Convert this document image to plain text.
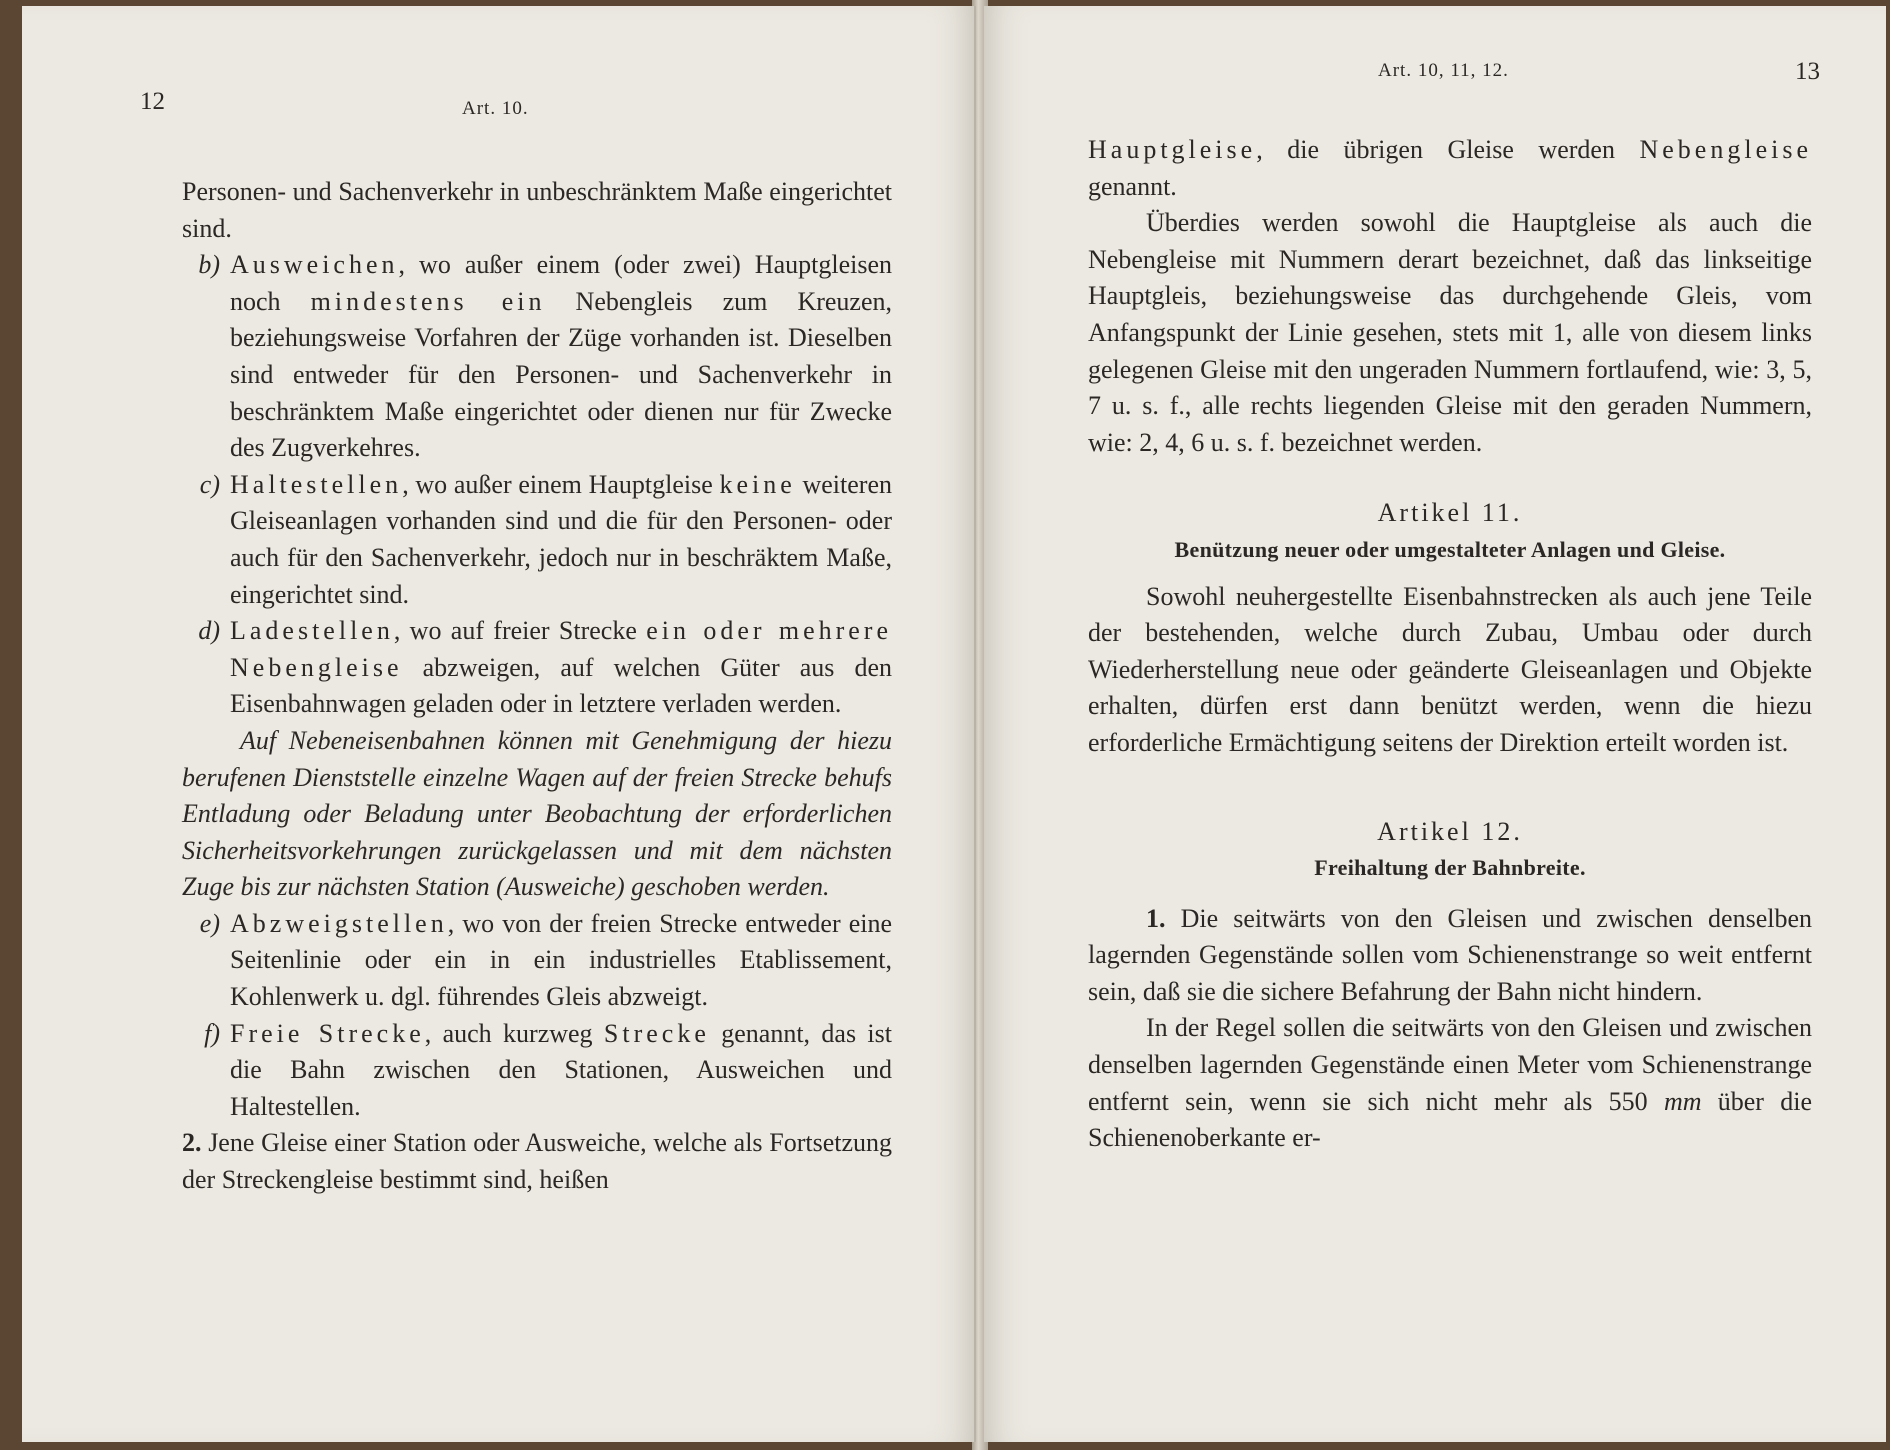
12	Art. 10.

Personen- und Sachenverkehr in unbeschränktem Maße eingerichtet sind.

b) Ausweichen, wo außer einem (oder zwei) Hauptgleisen noch mindestens ein Nebengleis zum Kreuzen, beziehungsweise Vorfahren der Züge vorhanden ist. Dieselben sind entweder für den Personen- und Sachenverkehr in beschränktem Maße eingerichtet oder dienen nur für Zwecke des Zugverkehres.

c) Haltestellen, wo außer einem Hauptgleise keine weiteren Gleiseanlagen vorhanden sind und die für den Personen- oder auch für den Sachenverkehr, jedoch nur in beschräktem Maße, eingerichtet sind.

d) Ladestellen, wo auf freier Strecke ein oder mehrere Nebengleise abzweigen, auf welchen Güter aus den Eisenbahnwagen geladen oder in letztere verladen werden.

Auf Nebeneisenbahnen können mit Genehmigung der hiezu berufenen Dienststelle einzelne Wagen auf der freien Strecke behufs Entladung oder Beladung unter Beobachtung der erforderlichen Sicherheitsvorkehrungen zurückgelassen und mit dem nächsten Zuge bis zur nächsten Station (Ausweiche) geschoben werden.

e) Abzweigstellen, wo von der freien Strecke entweder eine Seitenlinie oder ein in ein industrielles Etablissement, Kohlenwerk u. dgl. führendes Gleis abzweigt.

f) Freie Strecke, auch kurzweg Strecke genannt, das ist die Bahn zwischen den Stationen, Ausweichen und Haltestellen.

2. Jene Gleise einer Station oder Ausweiche, welche als Fortsetzung der Streckengleise bestimmt sind, heißen

Art. 10, 11, 12.	13

Hauptgleise, die übrigen Gleise werden Nebengleise genannt.

Überdies werden sowohl die Hauptgleise als auch die Nebengleise mit Nummern derart bezeichnet, daß das linkseitige Hauptgleis, beziehungsweise das durchgehende Gleis, vom Anfangspunkt der Linie gesehen, stets mit 1, alle von diesem links gelegenen Gleise mit den ungeraden Nummern fortlaufend, wie: 3, 5, 7 u. s. f., alle rechts liegenden Gleise mit den geraden Nummern, wie: 2, 4, 6 u. s. f. bezeichnet werden.

Artikel 11.

Benützung neuer oder umgestalteter Anlagen und Gleise.

Sowohl neuhergestellte Eisenbahnstrecken als auch jene Teile der bestehenden, welche durch Zubau, Umbau oder durch Wiederherstellung neue oder geänderte Gleiseanlagen und Objekte erhalten, dürfen erst dann benützt werden, wenn die hiezu erforderliche Ermächtigung seitens der Direktion erteilt worden ist.

Artikel 12.

Freihaltung der Bahnbreite.

1. Die seitwärts von den Gleisen und zwischen denselben lagernden Gegenstände sollen vom Schienenstrange so weit entfernt sein, daß sie die sichere Befahrung der Bahn nicht hindern.

In der Regel sollen die seitwärts von den Gleisen und zwischen denselben lagernden Gegenstände einen Meter vom Schienenstrange entfernt sein, wenn sie sich nicht mehr als 550 mm über die Schienenoberkante er-
